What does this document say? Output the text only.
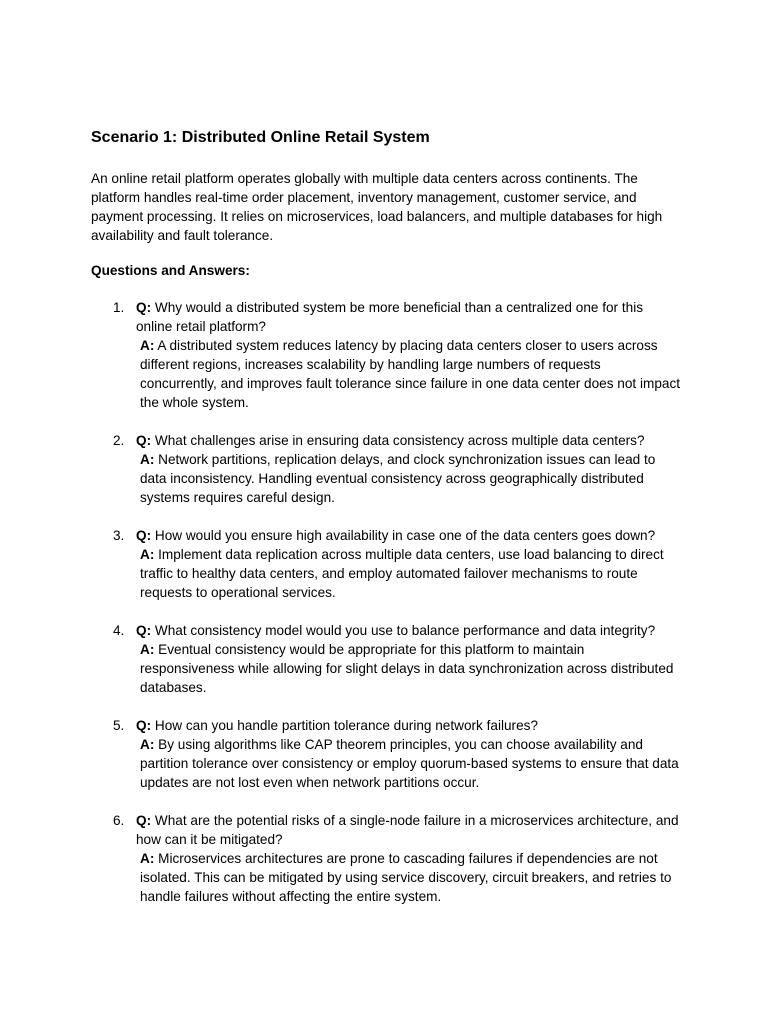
Scenario 1: Distributed Online Retail System

An online retail platform operates globally with multiple data centers across continents. The platform handles real-time order placement, inventory management, customer service, and payment processing. It relies on microservices, load balancers, and multiple databases for high availability and fault tolerance.

Questions and Answers:

1. Q: Why would a distributed system be more beneficial than a centralized one for this online retail platform?

A: A distributed system reduces latency by placing data centers closer to users across different regions, increases scalability by handling large numbers of requests concurrently, and improves fault tolerance since failure in one data center does not impact the whole system.

2. Q: What challenges arise in ensuring data consistency across multiple data centers?

A: Network partitions, replication delays, and clock synchronization issues can lead to data inconsistency. Handling eventual consistency across geographically distributed systems requires careful design.

3. Q: How would you ensure high availability in case one of the data centers goes down?

A: Implement data replication across multiple data centers, use load balancing to direct traffic to healthy data centers, and employ automated failover mechanisms to route requests to operational services.

4. Q: What consistency model would you use to balance performance and data integrity?

A: Eventual consistency would be appropriate for this platform to maintain responsiveness while allowing for slight delays in data synchronization across distributed databases.

5. Q: How can you handle partition tolerance during network failures?

A: By using algorithms like CAP theorem principles, you can choose availability and partition tolerance over consistency or employ quorum-based systems to ensure that data updates are not lost even when network partitions occur.

6. Q: What are the potential risks of a single-node failure in a microservices architecture, and how can it be mitigated?

A: Microservices architectures are prone to cascading failures if dependencies are not isolated. This can be mitigated by using service discovery, circuit breakers, and retries to handle failures without affecting the entire system.
